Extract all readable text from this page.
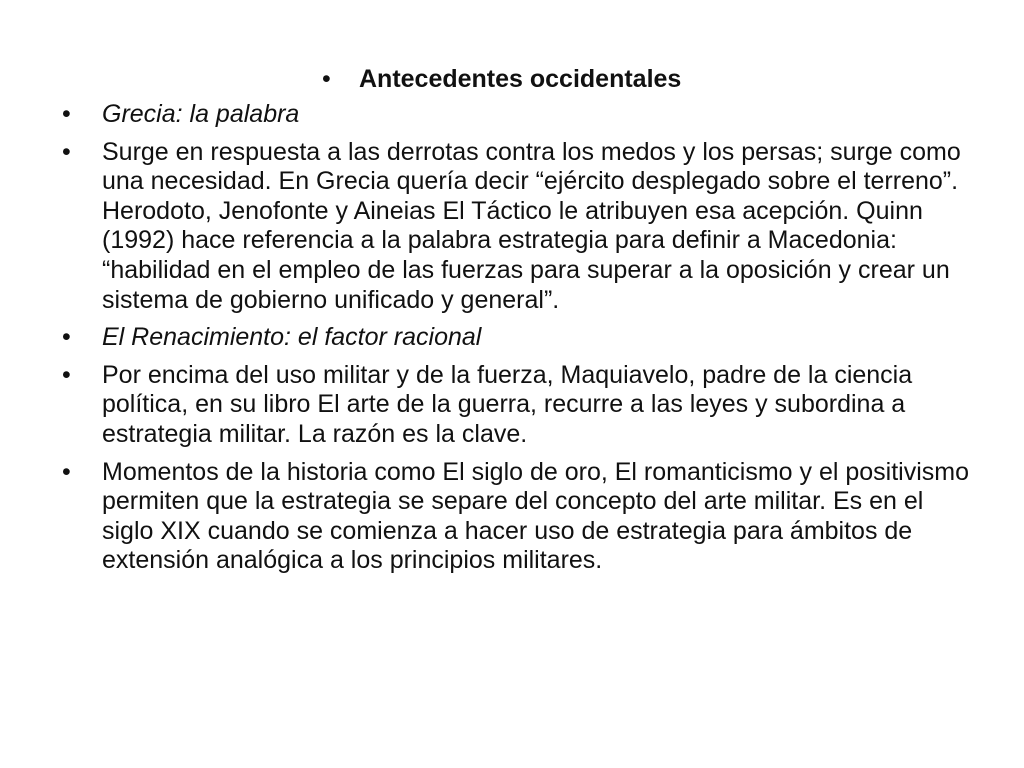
•	Antecedentes occidentales
•	Grecia: la palabra
•	Surge en respuesta a las derrotas contra los medos y los persas; surge como una necesidad. En Grecia quería decir “ejército desplegado sobre el terreno”. Herodoto, Jenofonte y Aineias El Táctico le atribuyen esa acepción. Quinn (1992) hace referencia a la palabra estrategia para definir a Macedonia: “habilidad en el empleo de las fuerzas para superar a la oposición y crear un sistema de gobierno unificado y general”.
•	El Renacimiento: el factor racional
•	Por encima del uso militar y de la fuerza, Maquiavelo, padre de la ciencia política, en su libro El arte de la guerra, recurre a las leyes y subordina a estrategia militar. La razón es la clave.
•	Momentos de la historia como El siglo de oro, El romanticismo y el positivismo permiten que la estrategia se separe del concepto del arte militar. Es en el siglo XIX cuando se comienza a hacer uso de estrategia para ámbitos de extensión analógica a los principios militares.
